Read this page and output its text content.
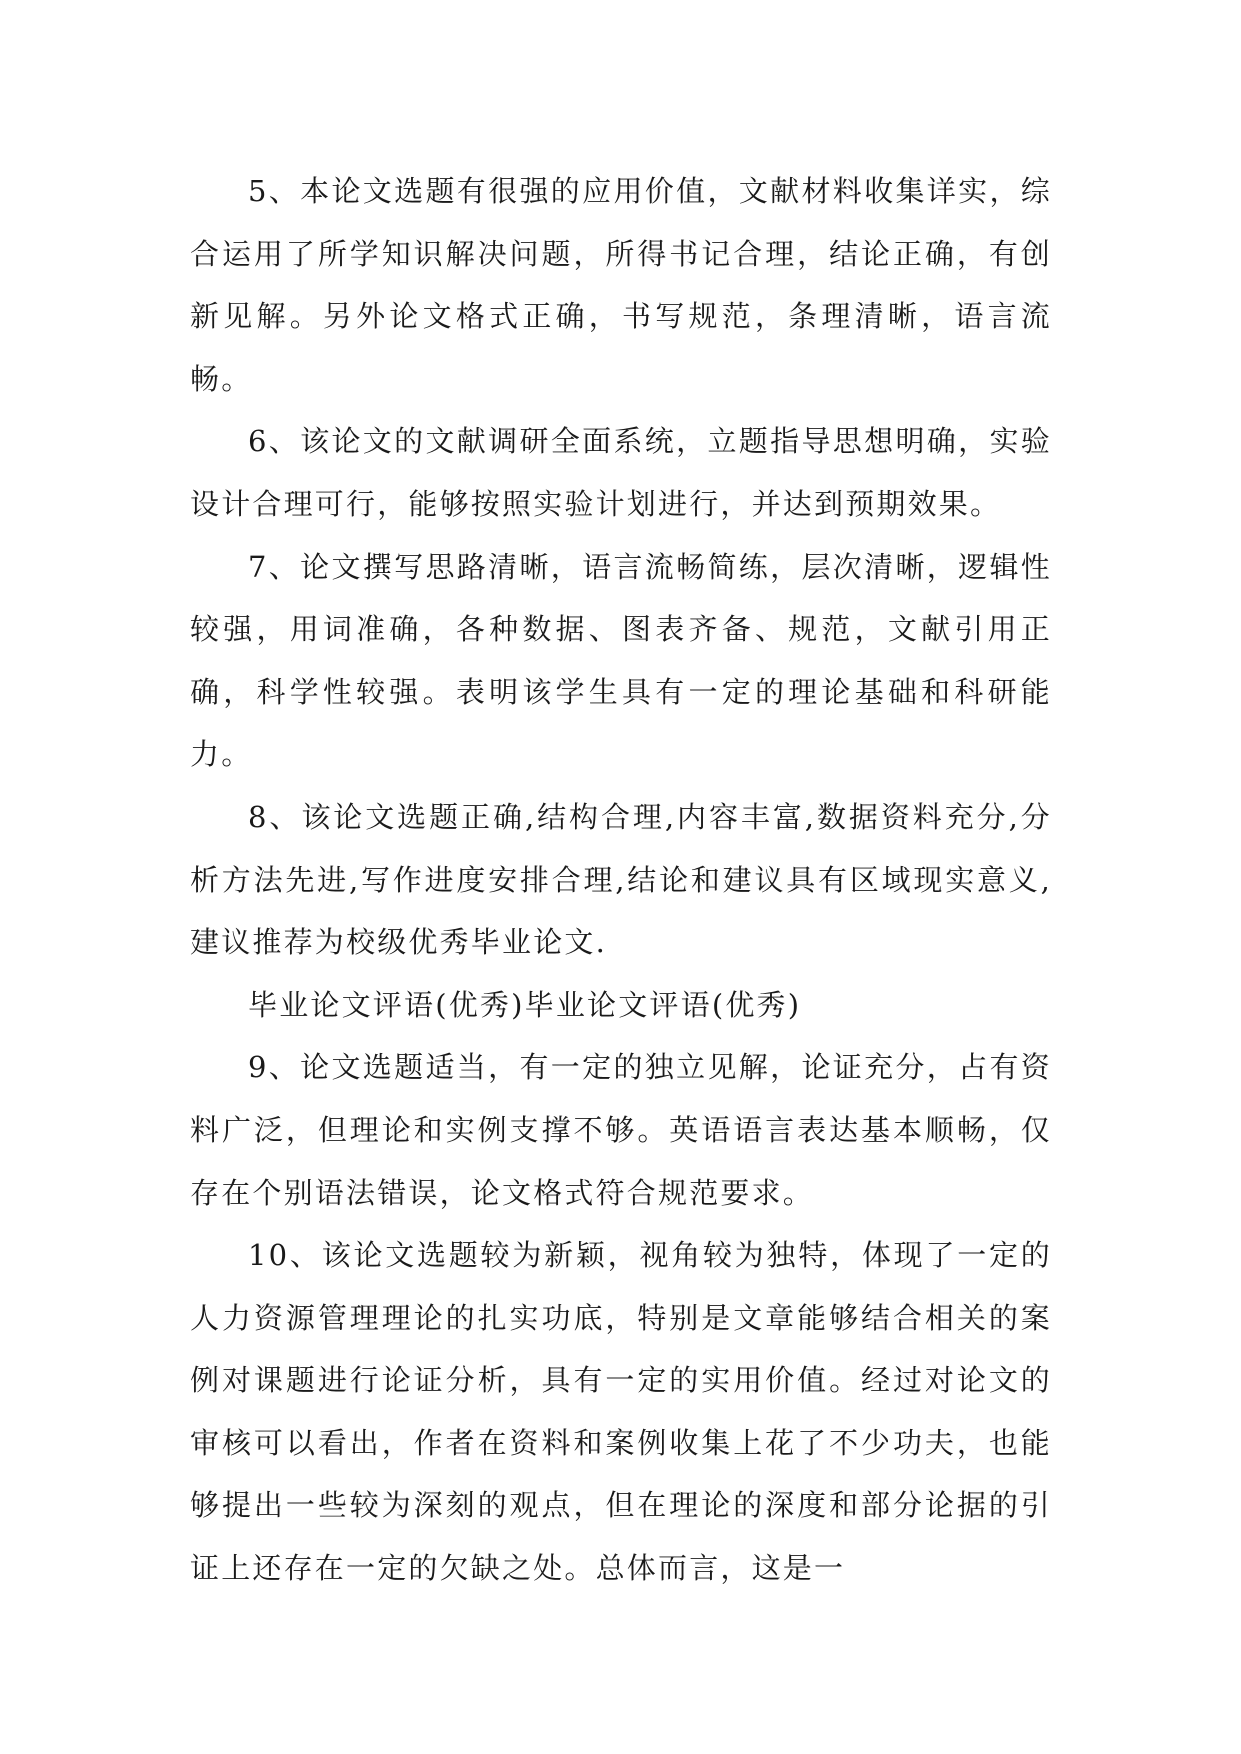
5、本论文选题有很强的应用价值，文献材料收集详实，综合运用了所学知识解决问题，所得书记合理，结论正确，有创新见解。另外论文格式正确，书写规范，条理清晰，语言流畅。

6、该论文的文献调研全面系统，立题指导思想明确，实验设计合理可行，能够按照实验计划进行，并达到预期效果。

7、论文撰写思路清晰，语言流畅简练，层次清晰，逻辑性较强，用词准确，各种数据、图表齐备、规范，文献引用正确，科学性较强。表明该学生具有一定的理论基础和科研能力。

8、该论文选题正确,结构合理,内容丰富,数据资料充分,分析方法先进,写作进度安排合理,结论和建议具有区域现实意义,建议推荐为校级优秀毕业论文.

毕业论文评语(优秀)毕业论文评语(优秀)

9、论文选题适当，有一定的独立见解，论证充分，占有资料广泛，但理论和实例支撑不够。英语语言表达基本顺畅，仅存在个别语法错误，论文格式符合规范要求。

10、该论文选题较为新颖，视角较为独特，体现了一定的人力资源管理理论的扎实功底，特别是文章能够结合相关的案例对课题进行论证分析，具有一定的实用价值。经过对论文的审核可以看出，作者在资料和案例收集上花了不少功夫，也能够提出一些较为深刻的观点，但在理论的深度和部分论据的引证上还存在一定的欠缺之处。总体而言，这是一
